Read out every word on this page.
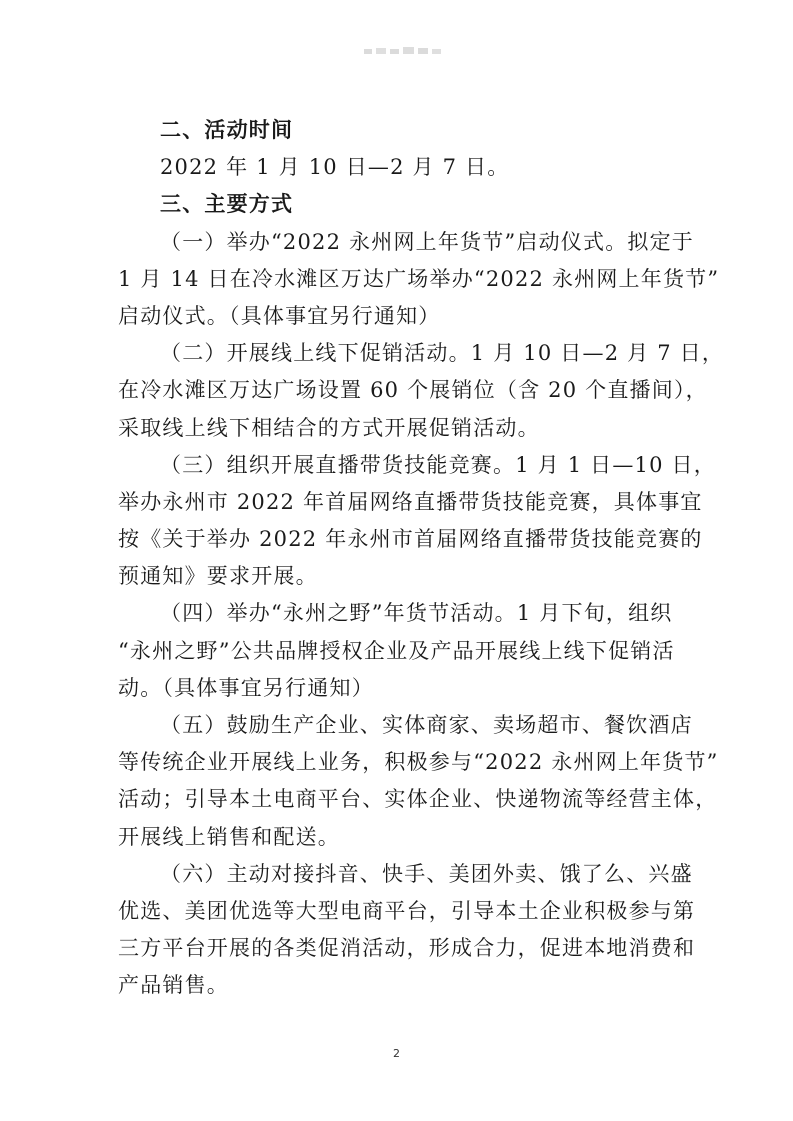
二、活动时间
2022 年 1 月 10 日—2 月 7 日。
三、主要方式
（一）举办“2022 永州网上年货节”启动仪式。拟定于
1 月 14 日在冷水滩区万达广场举办“2022 永州网上年货节”
启动仪式。（具体事宜另行通知）
（二）开展线上线下促销活动。1 月 10 日—2 月 7 日，
在冷水滩区万达广场设置 60 个展销位（含 20 个直播间），
采取线上线下相结合的方式开展促销活动。
（三）组织开展直播带货技能竞赛。1 月 1 日—10 日，
举办永州市 2022 年首届网络直播带货技能竞赛，具体事宜
按《关于举办 2022 年永州市首届网络直播带货技能竞赛的
预通知》要求开展。
（四）举办“永州之野”年货节活动。1 月下旬，组织
“永州之野”公共品牌授权企业及产品开展线上线下促销活
动。（具体事宜另行通知）
（五）鼓励生产企业、实体商家、卖场超市、餐饮酒店
等传统企业开展线上业务，积极参与“2022 永州网上年货节”
活动；引导本土电商平台、实体企业、快递物流等经营主体，
开展线上销售和配送。
（六）主动对接抖音、快手、美团外卖、饿了么、兴盛
优选、美团优选等大型电商平台，引导本土企业积极参与第
三方平台开展的各类促消活动，形成合力，促进本地消费和
产品销售。
2
